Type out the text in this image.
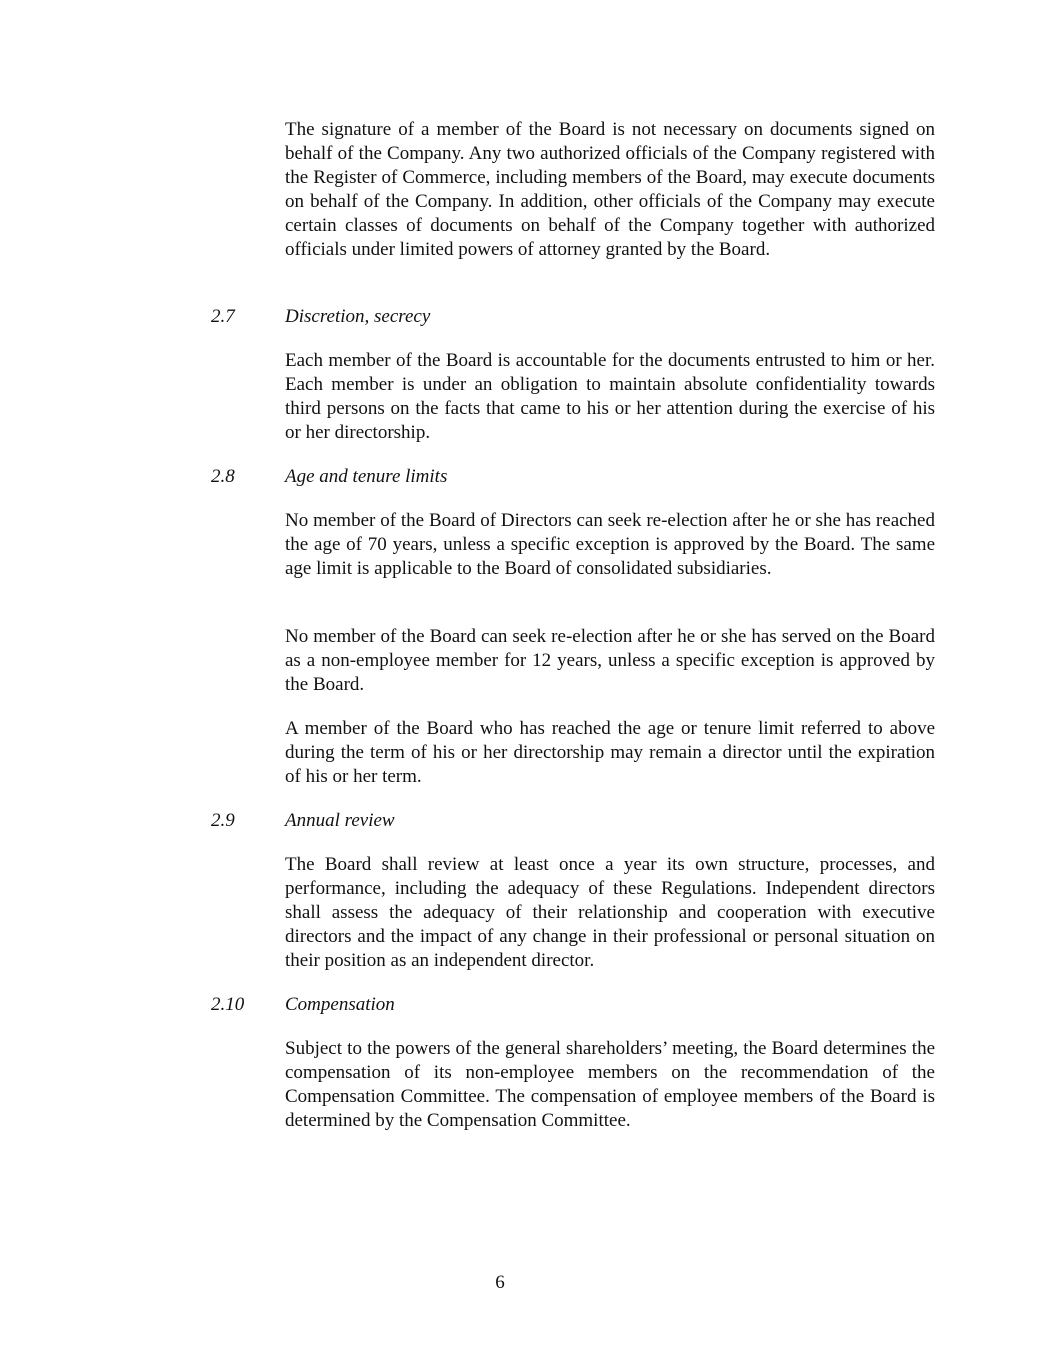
The signature of a member of the Board is not necessary on documents signed on behalf of the Company. Any two authorized officials of the Company registered with the Register of Commerce, including members of the Board, may execute documents on behalf of the Company. In addition, other officials of the Company may execute certain classes of documents on behalf of the Company together with authorized officials under limited powers of attorney granted by the Board.

2.7	Discretion, secrecy

Each member of the Board is accountable for the documents entrusted to him or her. Each member is under an obligation to maintain absolute confidentiality towards third persons on the facts that came to his or her attention during the exercise of his or her directorship.

2.8	Age and tenure limits

No member of the Board of Directors can seek re-election after he or she has reached the age of 70 years, unless a specific exception is approved by the Board. The same age limit is applicable to the Board of consolidated subsidiaries.

No member of the Board can seek re-election after he or she has served on the Board as a non-employee member for 12 years, unless a specific exception is approved by the Board.

A member of the Board who has reached the age or tenure limit referred to above during the term of his or her directorship may remain a director until the expiration of his or her term.

2.9	Annual review

The Board shall review at least once a year its own structure, processes, and performance, including the adequacy of these Regulations. Independent directors shall assess the adequacy of their relationship and cooperation with executive directors and the impact of any change in their professional or personal situation on their position as an independent director.

2.10 Compensation

Subject to the powers of the general shareholders’ meeting, the Board determines the compensation of its non-employee members on the recommendation of the Compensation Committee. The compensation of employee members of the Board is determined by the Compensation Committee.

6
